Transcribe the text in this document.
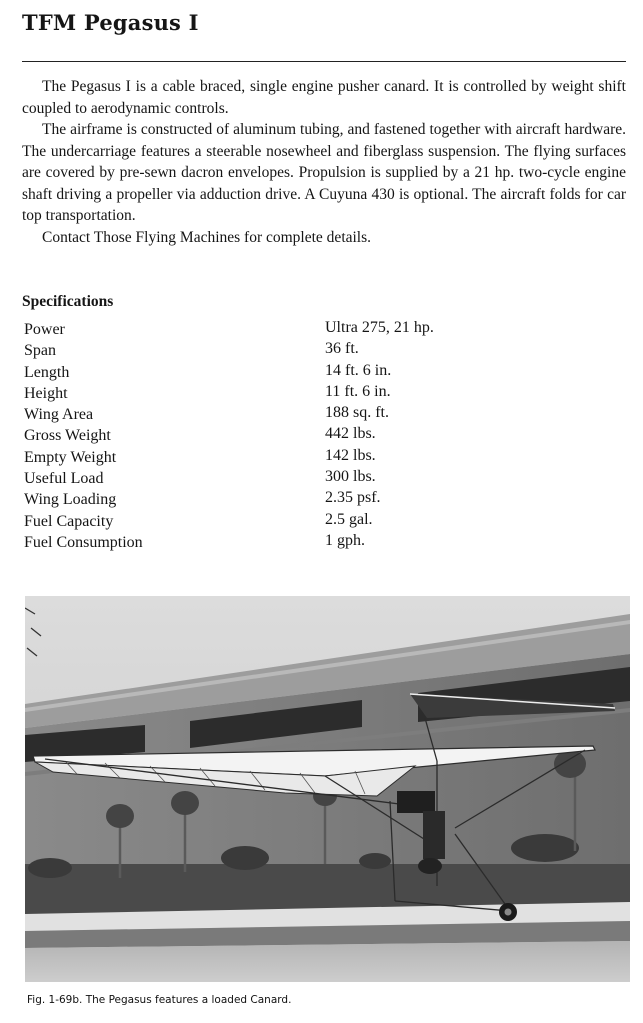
TFM Pegasus I

The Pegasus I is a cable braced, single engine pusher canard. It is controlled by weight shift coupled to aerodynamic controls.

The airframe is constructed of aluminum tubing, and fastened together with aircraft hardware. The undercarriage features a steerable nosewheel and fiberglass suspension. The flying surfaces are covered by pre-sewn dacron envelopes. Propulsion is supplied by a 21 hp. two-cycle engine shaft driving a propeller via adduction drive. A Cuyuna 430 is optional. The aircraft folds for car top transportation.

Contact Those Flying Machines for complete details.

Specifications
Power	Ultra 275, 21 hp.
Span	36 ft.
Length	14 ft. 6 in.
Height	11 ft. 6 in.
Wing Area	188 sq. ft.
Gross Weight	442 lbs.
Empty Weight	142 lbs.
Useful Load	300 lbs.
Wing Loading	2.35 psf.
Fuel Capacity	2.5 gal.
Fuel Consumption	1 gph.
Fig. 1-69b. The Pegasus features a loaded Canard.
